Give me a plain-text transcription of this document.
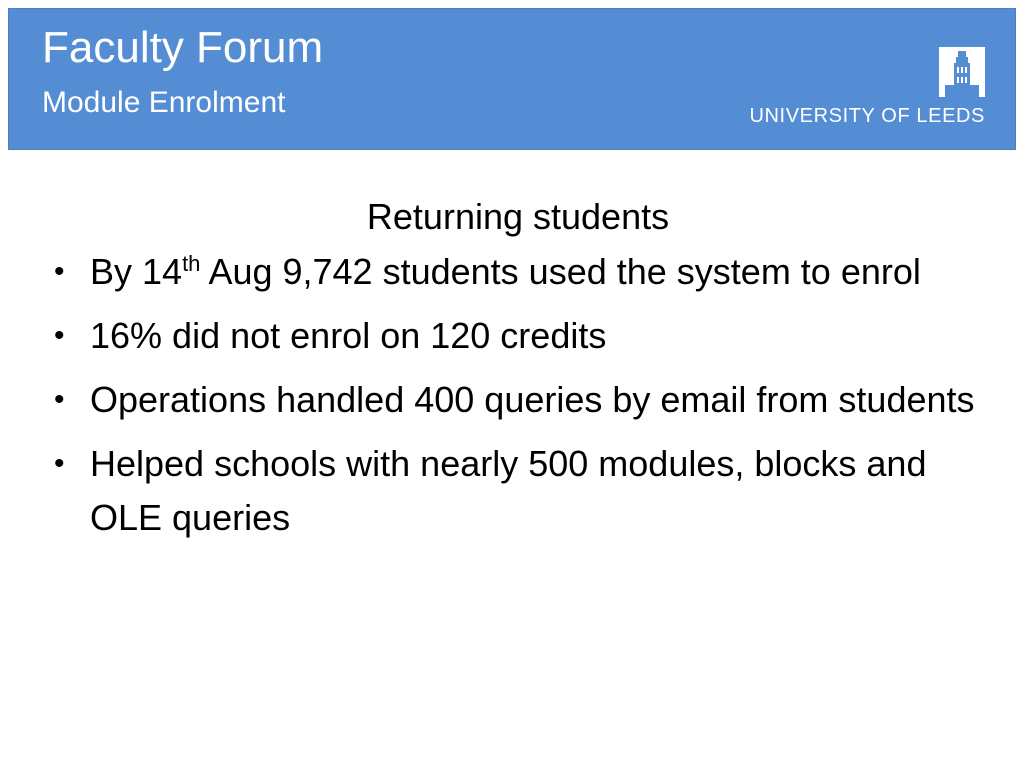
Faculty Forum
Module Enrolment	UNIVERSITY OF LEEDS
Returning students
• By 14th Aug 9,742 students used the system to enrol
• 16% did not enrol on 120 credits
• Operations handled 400 queries by email from students
• Helped schools with nearly 500 modules, blocks and OLE queries
